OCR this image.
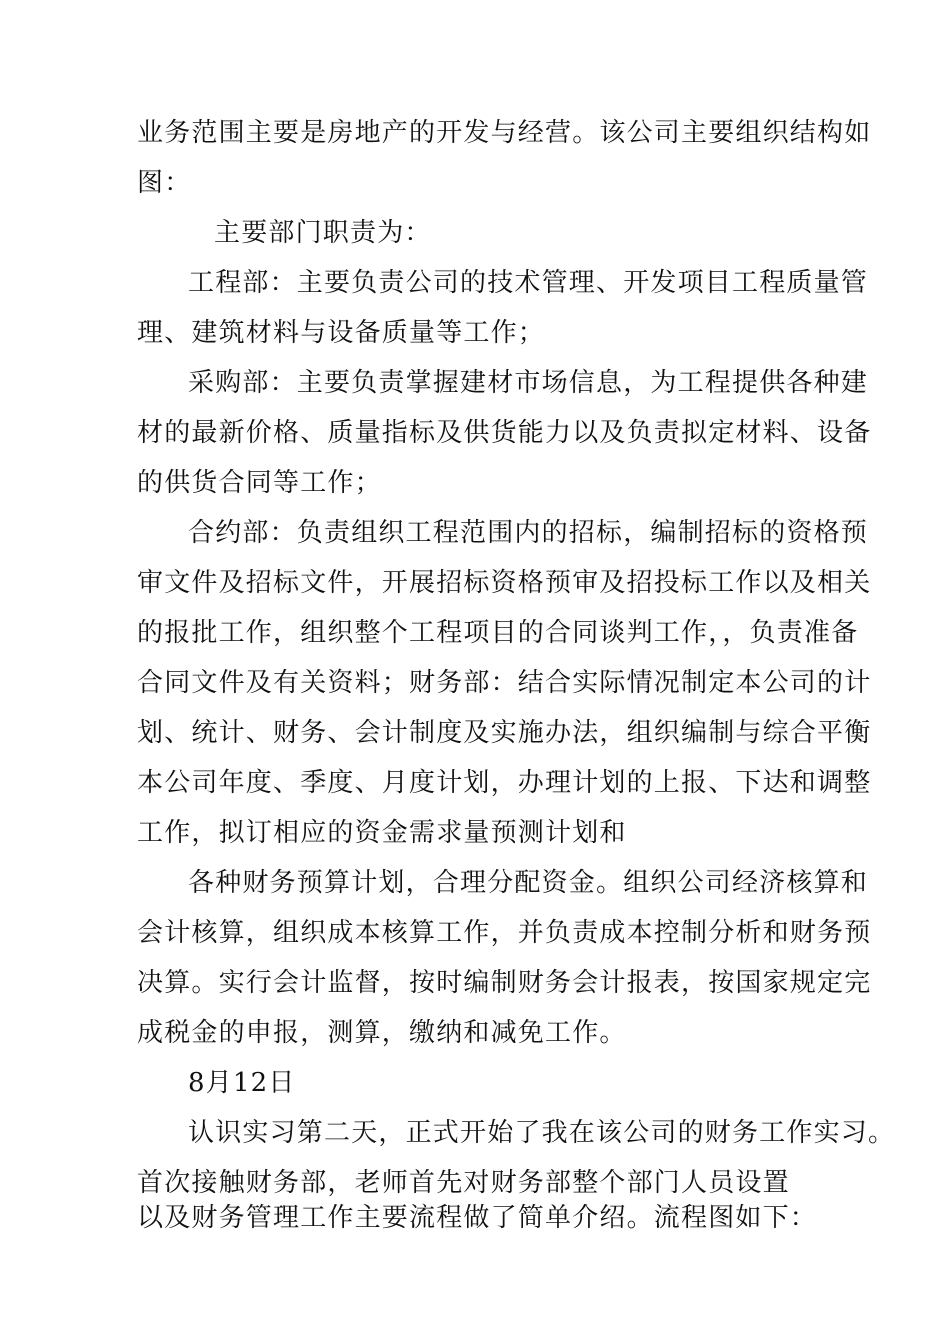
业务范围主要是房地产的开发与经营。该公司主要组织结构如
图：
主要部门职责为：
工程部：主要负责公司的技术管理、开发项目工程质量管
理、建筑材料与设备质量等工作；
采购部：主要负责掌握建材市场信息，为工程提供各种建
材的最新价格、质量指标及供货能力以及负责拟定材料、设备
的供货合同等工作；
合约部：负责组织工程范围内的招标，编制招标的资格预
审文件及招标文件，开展招标资格预审及招投标工作以及相关
的报批工作，组织整个工程项目的合同谈判工作，，负责准备
合同文件及有关资料；财务部：结合实际情况制定本公司的计
划、统计、财务、会计制度及实施办法，组织编制与综合平衡
本公司年度、季度、月度计划，办理计划的上报、下达和调整
工作，拟订相应的资金需求量预测计划和
各种财务预算计划，合理分配资金。组织公司经济核算和
会计核算，组织成本核算工作，并负责成本控制分析和财务预
决算。实行会计监督，按时编制财务会计报表，按国家规定完
成税金的申报，测算，缴纳和减免工作。
8月12日
认识实习第二天，正式开始了我在该公司的财务工作实习。
首次接触财务部，老师首先对财务部整个部门人员设置
以及财务管理工作主要流程做了简单介绍。流程图如下：
